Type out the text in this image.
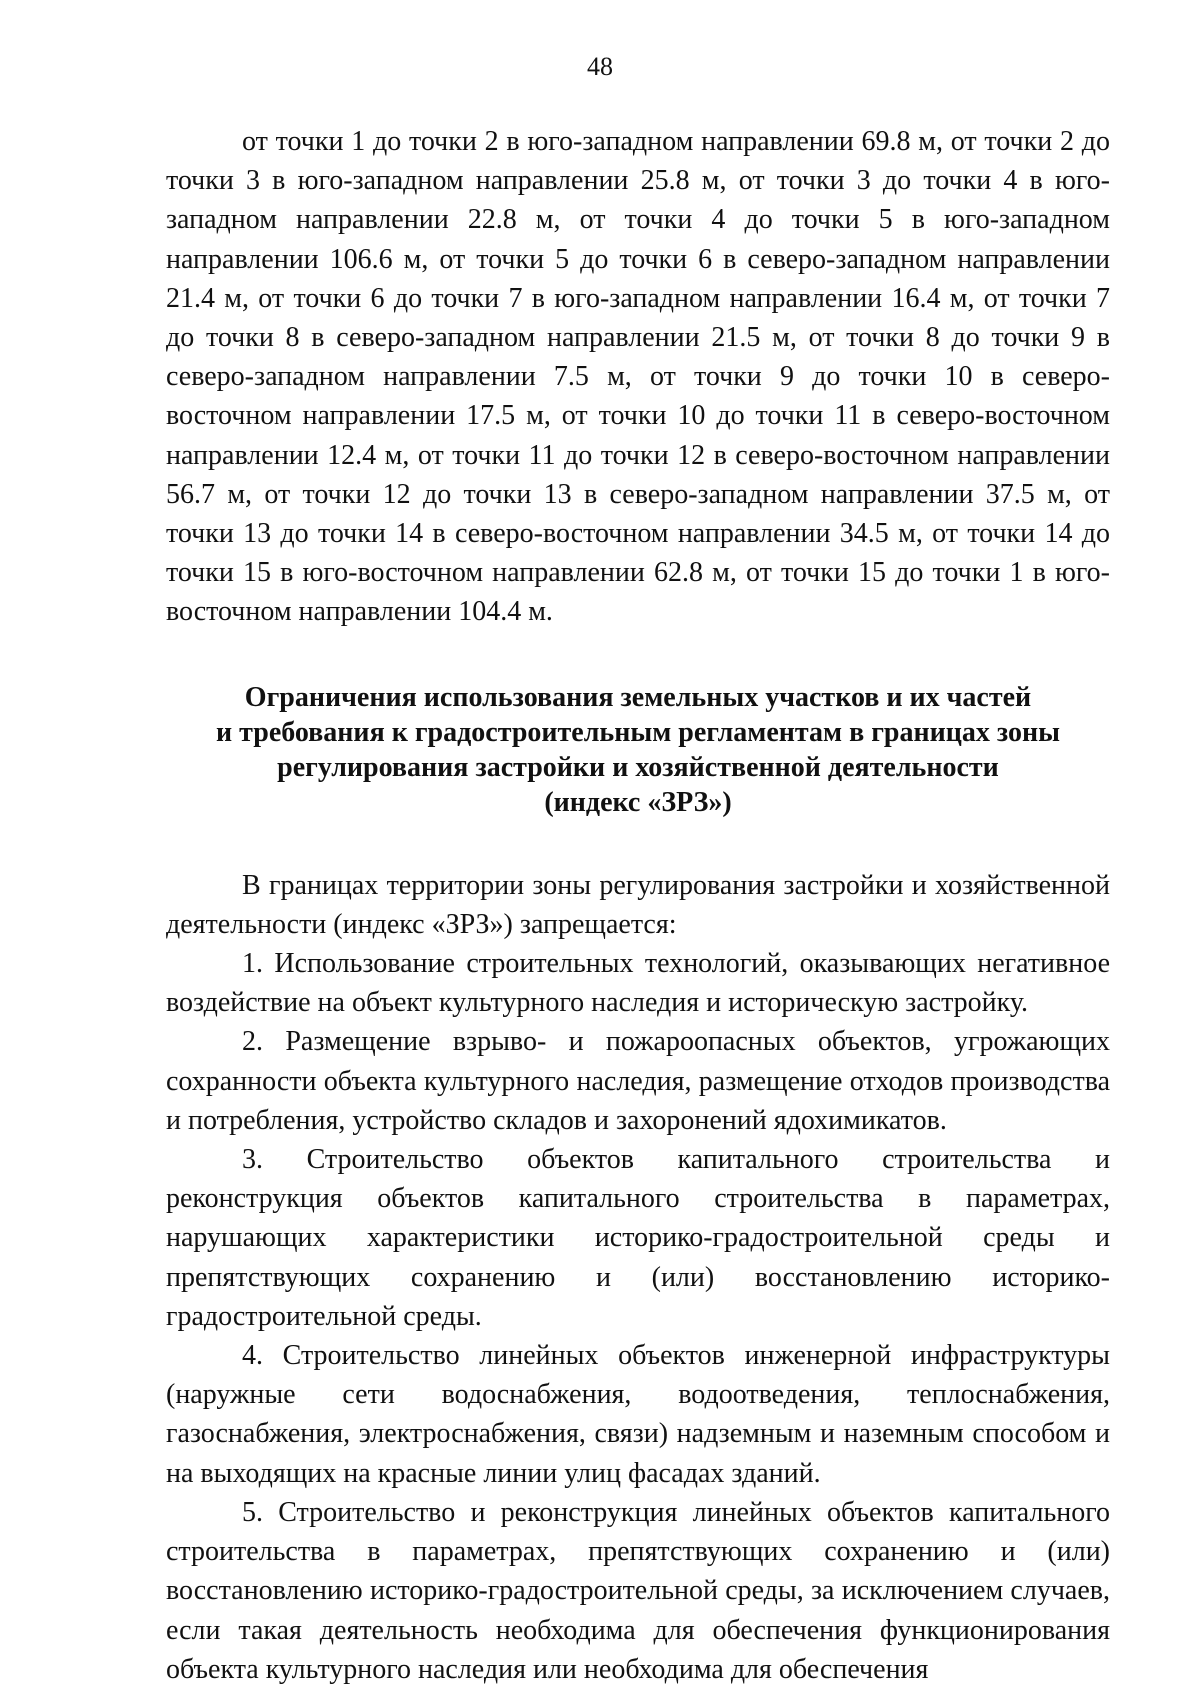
48

от точки 1 до точки 2 в юго-западном направлении 69.8 м, от точки 2 до точки 3 в юго-западном направлении 25.8 м, от точки 3 до точки 4 в юго-западном направлении 22.8 м, от точки 4 до точки 5 в юго-западном направлении 106.6 м, от точки 5 до точки 6 в северо-западном направлении 21.4 м, от точки 6 до точки 7 в юго-западном направлении 16.4 м, от точки 7 до точки 8 в северо-западном направлении 21.5 м, от точки 8 до точки 9 в северо-западном направлении 7.5 м, от точки 9 до точки 10 в северо-восточном направлении 17.5 м, от точки 10 до точки 11 в северо-восточном направлении 12.4 м, от точки 11 до точки 12 в северо-восточном направлении 56.7 м, от точки 12 до точки 13 в северо-западном направлении 37.5 м, от точки 13 до точки 14 в северо-восточном направлении 34.5 м, от точки 14 до точки 15 в юго-восточном направлении 62.8 м, от точки 15 до точки 1 в юго-восточном направлении 104.4 м.

Ограничения использования земельных участков и их частей
и требования к градостроительным регламентам в границах зоны
регулирования застройки и хозяйственной деятельности
(индекс «ЗРЗ»)

В границах территории зоны регулирования застройки и хозяйственной деятельности (индекс «ЗРЗ») запрещается:

1. Использование строительных технологий, оказывающих негативное воздействие на объект культурного наследия и историческую застройку.

2. Размещение взрыво- и пожароопасных объектов, угрожающих сохранности объекта культурного наследия, размещение отходов производства и потребления, устройство складов и захоронений ядохимикатов.

3. Строительство объектов капитального строительства и реконструкция объектов капитального строительства в параметрах, нарушающих характеристики историко-градостроительной среды и препятствующих сохранению и (или) восстановлению историко-градостроительной среды.

4. Строительство линейных объектов инженерной инфраструктуры (наружные сети водоснабжения, водоотведения, теплоснабжения, газоснабжения, электроснабжения, связи) надземным и наземным способом и на выходящих на красные линии улиц фасадах зданий.

5. Строительство и реконструкция линейных объектов капитального строительства в параметрах, препятствующих сохранению и (или) восстановлению историко-градостроительной среды, за исключением случаев, если такая деятельность необходима для обеспечения функционирования объекта культурного наследия или необходима для обеспечения
